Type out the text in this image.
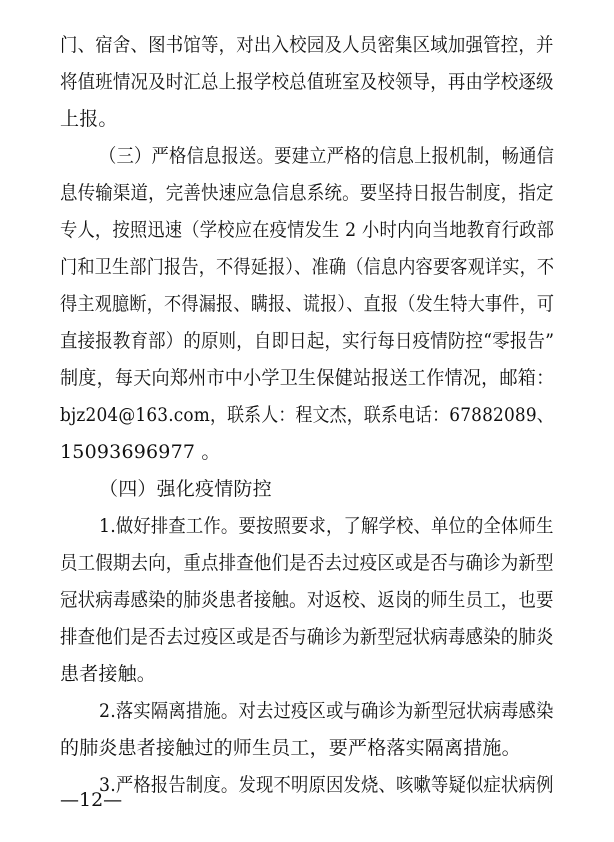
门、宿舍、图书馆等，对出入校园及人员密集区域加强管控，并
将值班情况及时汇总上报学校总值班室及校领导，再由学校逐级
上报。
（三）严格信息报送。要建立严格的信息上报机制，畅通信
息传输渠道，完善快速应急信息系统。要坚持日报告制度，指定
专人，按照迅速（学校应在疫情发生 2 小时内向当地教育行政部
门和卫生部门报告，不得延报）、准确（信息内容要客观详实，不
得主观臆断，不得漏报、瞒报、谎报）、直报（发生特大事件，可
直接报教育部）的原则，自即日起，实行每日疫情防控“零报告”
制度，每天向郑州市中小学卫生保健站报送工作情况，邮箱：
bjz204@163.com，联系人：程文杰，联系电话：67882089、
15093696977 。
（四）强化疫情防控
1.做好排查工作。要按照要求，了解学校、单位的全体师生
员工假期去向，重点排查他们是否去过疫区或是否与确诊为新型
冠状病毒感染的肺炎患者接触。对返校、返岗的师生员工，也要
排查他们是否去过疫区或是否与确诊为新型冠状病毒感染的肺炎
患者接触。
2.落实隔离措施。对去过疫区或与确诊为新型冠状病毒感染
的肺炎患者接触过的师生员工，要严格落实隔离措施。
3.严格报告制度。发现不明原因发烧、咳嗽等疑似症状病例
—12—
